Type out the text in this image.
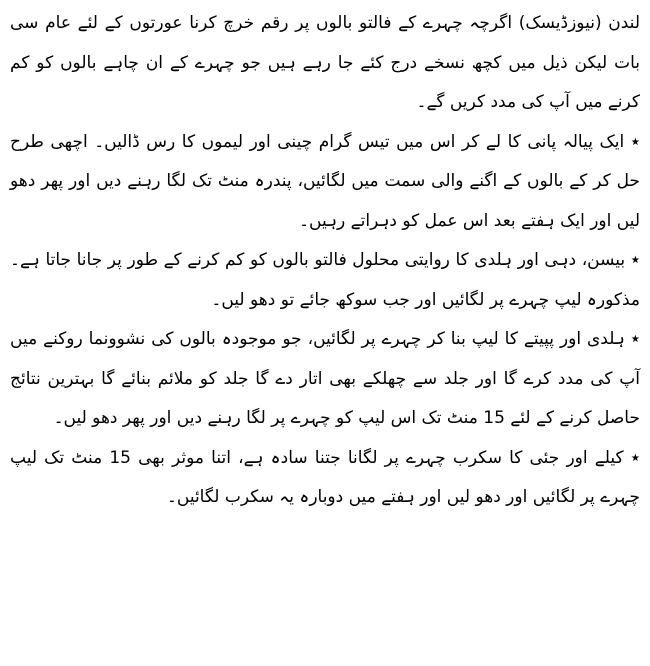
لندن (نیوزڈیسک) اگرچہ چہرے کے فالتو بالوں پر رقم خرچ کرنا عورتوں کے لئے عام سی بات لیکن ذیل میں کچھ نسخے درج کئے جا رہے ہیں جو چہرے کے ان چاہے بالوں کو کم کرنے میں آپ کی مدد کریں گے۔

٭ ایک پیالہ پانی کا لے کر اس میں تیس گرام چینی اور لیموں کا رس ڈالیں۔ اچھی طرح حل کر کے بالوں کے اگنے والی سمت میں لگائیں، پندرہ منٹ تک لگا رہنے دیں اور پھر دھو لیں اور ایک ہفتے بعد اس عمل کو دہراتے رہیں۔

٭ بیسن، دہی اور ہلدی کا روایتی محلول فالتو بالوں کو کم کرنے کے طور پر جانا جاتا ہے۔ مذکورہ لیپ چہرے پر لگائیں اور جب سوکھ جائے تو دھو لیں۔

٭ ہلدی اور پپیتے کا لیپ بنا کر چہرے پر لگائیں، جو موجودہ بالوں کی نشوونما روکنے میں آپ کی مدد کرے گا اور جلد سے چھلکے بھی اتار دے گا جلد کو ملائم بنائے گا بہترین نتائج حاصل کرنے کے لئے 15 منٹ تک اس لیپ کو چہرے پر لگا رہنے دیں اور پھر دھو لیں۔

٭ کیلے اور جئی کا سکرب چہرے پر لگانا جتنا سادہ ہے، اتنا موثر بھی 15 منٹ تک لیپ چہرے پر لگائیں اور دھو لیں اور ہفتے میں دوبارہ یہ سکرب لگائیں۔
